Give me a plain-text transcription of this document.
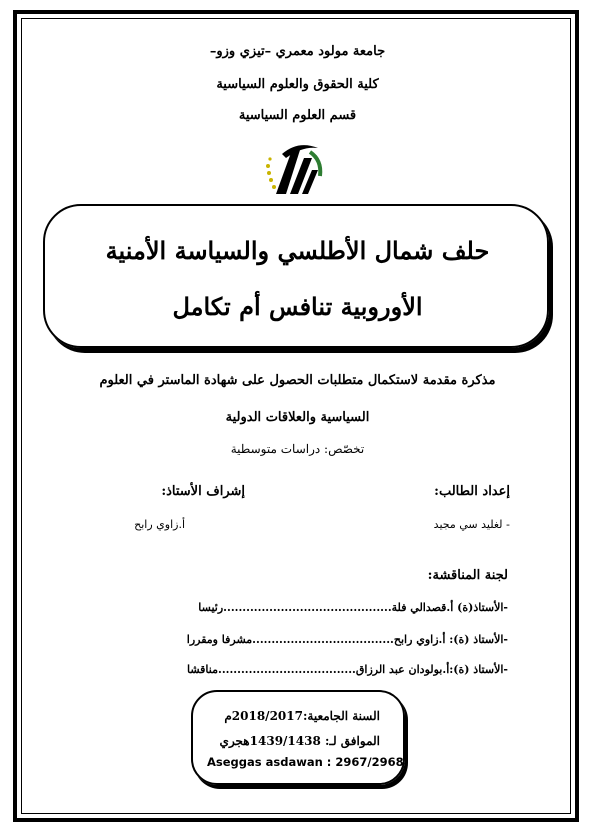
جامعة مولود معمري –تيزي وزو–
كلية الحقوق والعلوم السياسية
قسم العلوم السياسية
حلف شمال الأطلسي والسياسة الأمنية
الأوروبية تنافس أم تكامل
مذكرة مقدمة لاستكمال متطلبات الحصول على شهادة الماستر في العلوم
السياسية والعلاقات الدولية
تخصّص: دراسات متوسطية
إعداد الطالب:
إشراف الأستاذ:
- لغليد سي مجيد
أ.زاوي رابح
لجنة المناقشة:
-الأستاذ(ة) أ.قصدالي فلة............................................رئيسا
-الأستاذ (ة): أ.زاوي رابح.....................................مشرفا ومقررا
-الأستاذ (ة):أ.بولودان عبد الرزاق....................................مناقشا
السنة الجامعية:2018/2017م
الموافق لـ: 1439/1438هجري
Aseggas asdawan : 2967/2968
